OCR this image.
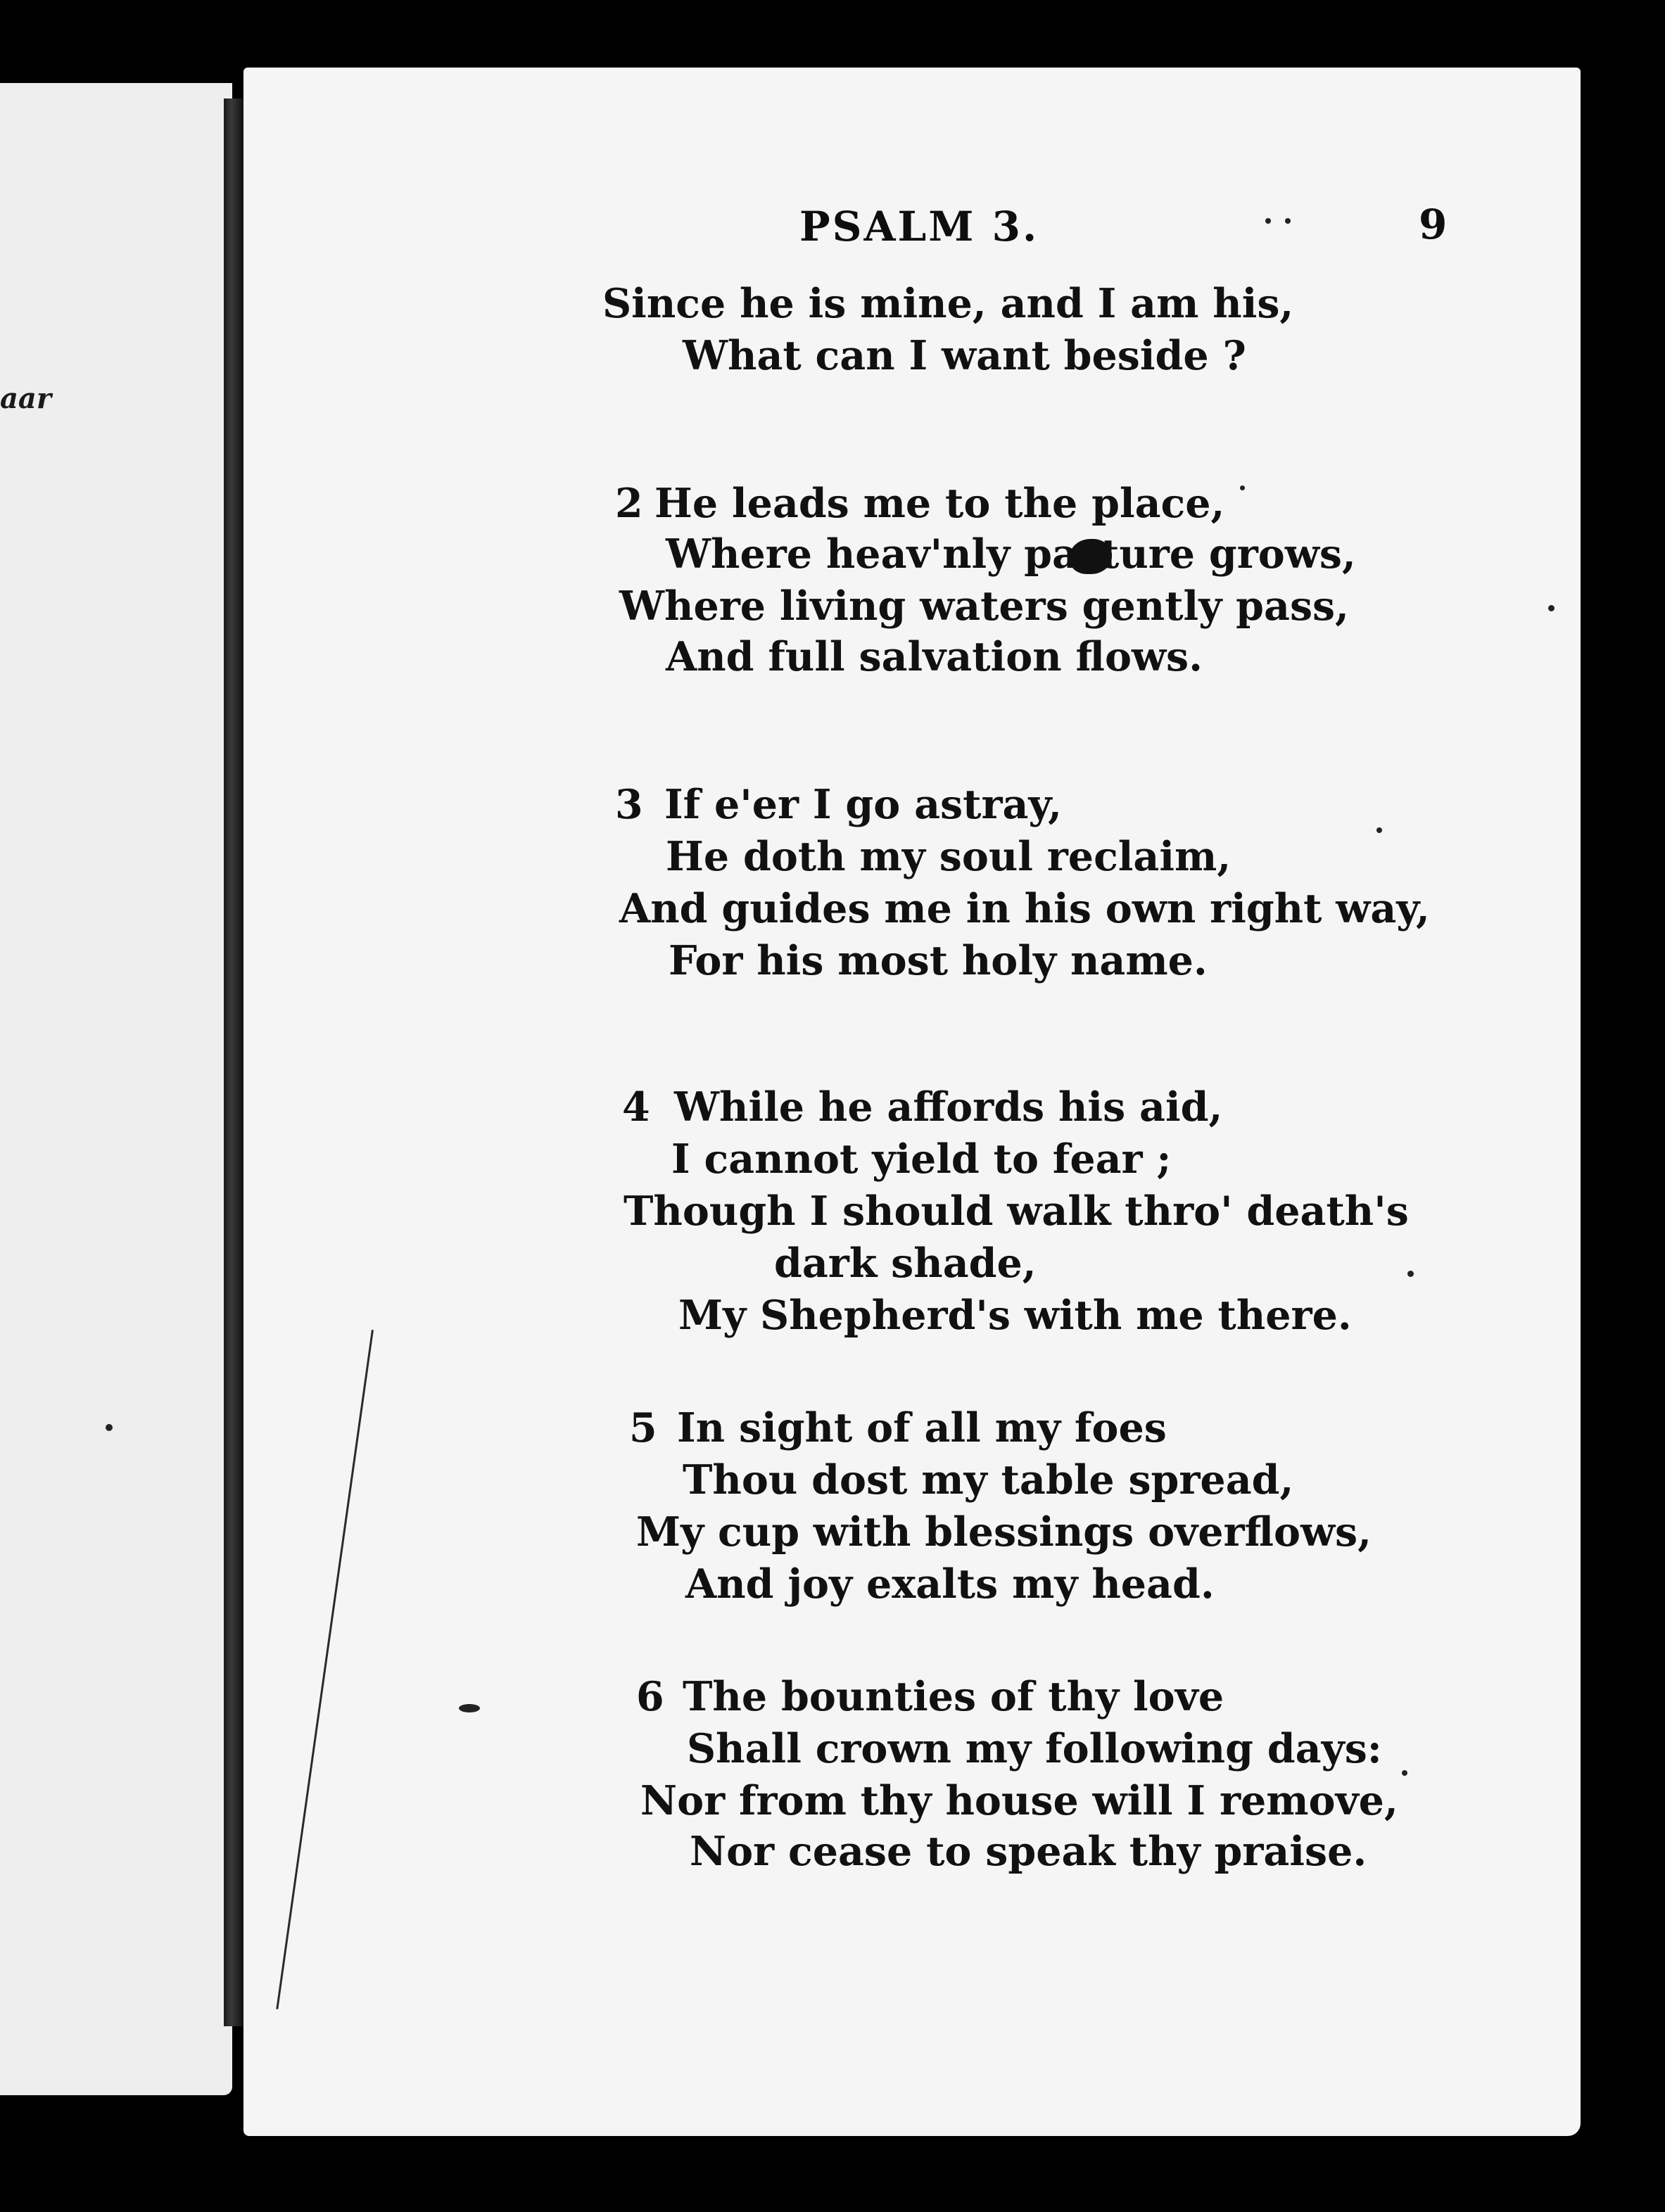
aar
PSALM 3.	9
Since he is mine, and I am his,
What can I want beside ?
2 He leads me to the place,
Where heav'nly pasture grows,
Where living waters gently pass,
And full salvation flows.
3 If e'er I go astray,
He doth my soul reclaim,
And guides me in his own right way,
For his most holy name.
4 While he affords his aid,
I cannot yield to fear ;
Though I should walk thro' death's
dark shade,
My Shepherd's with me there.
5 In sight of all my foes
Thou dost my table spread,
My cup with blessings overflows,
And joy exalts my head.
6 The bounties of thy love
Shall crown my following days:
Nor from thy house will I remove,
Nor cease to speak thy praise.
